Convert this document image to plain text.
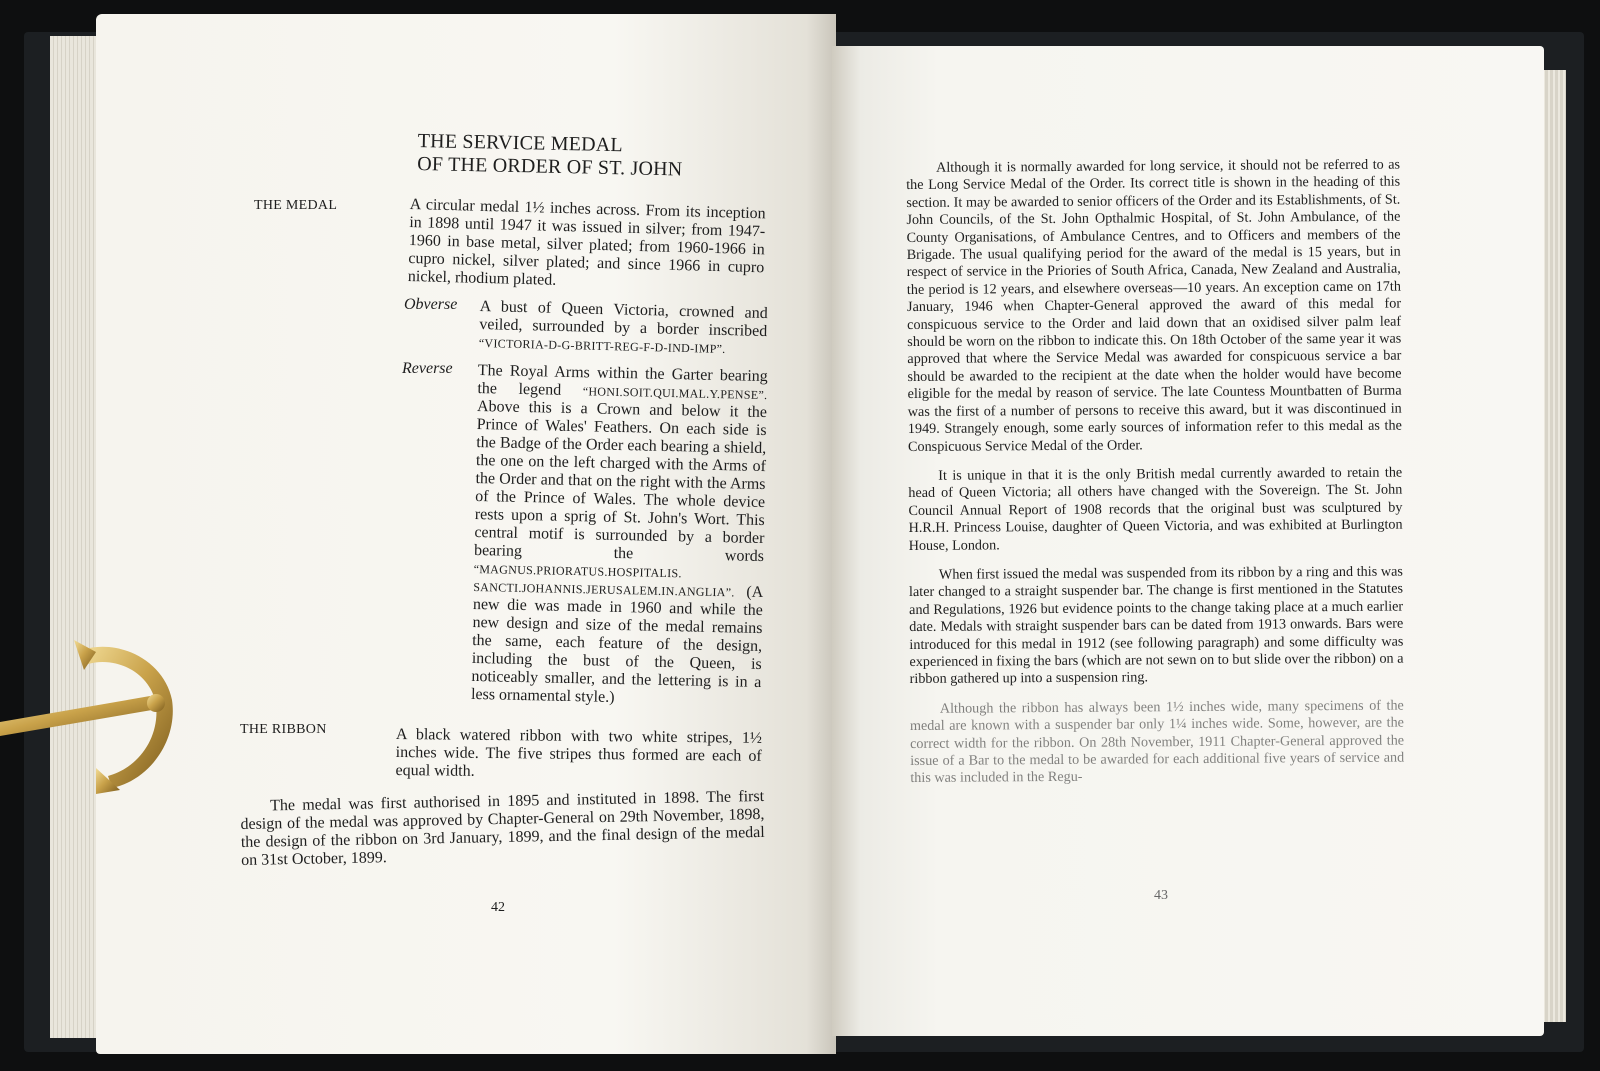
THE SERVICE MEDAL
OF THE ORDER OF ST. JOHN
THE MEDAL	A circular medal 1½ inches across. From its inception in 1898 until 1947 it was issued in silver; from 1947-1960 in base metal, silver plated; from 1960-1966 in cupro nickel, silver plated; and since 1966 in cupro nickel, rhodium plated.
Obverse A bust of Queen Victoria, crowned and veiled, surrounded by a border inscribed “VICTORIA-D-G-BRITT-REG-F-D-IND-IMP”.
Reverse	The Royal Arms within the Garter bearing the legend “HONI.SOIT.QUI.MAL.Y.PENSE”. Above this is a Crown and below it the Prince of Wales' Feathers. On each side is the Badge of the Order each bearing a shield, the one on the left charged with the Arms of the Order and that on the right with the Arms of the Prince of Wales. The whole device rests upon a sprig of St. John's Wort. This central motif is surrounded by a border bearing the words “MAGNUS.PRIORATUS.HOSPITALIS. SANCTI.JOHANNIS.JERUSALEM.IN.ANGLIA”. (A new die was made in 1960 and while the new design and size of the medal remains the same, each feature of the design, including the bust of the Queen, is noticeably smaller, and the lettering is in a less ornamental style.)
THE RIBBON	A black watered ribbon with two white stripes, 1½ inches wide. The five stripes thus formed are each of equal width.

The medal was first authorised in 1895 and instituted in 1898. The first design of the medal was approved by Chapter-General on 29th November, 1898, the design of the ribbon on 3rd January, 1899, and the final design of the medal on 31st October, 1899.

42

Although it is normally awarded for long service, it should not be referred to as the Long Service Medal of the Order. Its correct title is shown in the heading of this section. It may be awarded to senior officers of the Order and its Establishments, of St. John Councils, of the St. John Opthalmic Hospital, of St. John Ambulance, of the County Organisations, of Ambulance Centres, and to Officers and members of the Brigade. The usual qualifying period for the award of the medal is 15 years, but in respect of service in the Priories of South Africa, Canada, New Zealand and Australia, the period is 12 years, and elsewhere overseas—10 years. An exception came on 17th January, 1946 when Chapter-General approved the award of this medal for conspicuous service to the Order and laid down that an oxidised silver palm leaf should be worn on the ribbon to indicate this. On 18th October of the same year it was approved that where the Service Medal was awarded for conspicuous service a bar should be awarded to the recipient at the date when the holder would have become eligible for the medal by reason of service. The late Countess Mountbatten of Burma was the first of a number of persons to receive this award, but it was discontinued in 1949. Strangely enough, some early sources of information refer to this medal as the Conspicuous Service Medal of the Order.

It is unique in that it is the only British medal currently awarded to retain the head of Queen Victoria; all others have changed with the Sovereign. The St. John Council Annual Report of 1908 records that the original bust was sculptured by H.R.H. Princess Louise, daughter of Queen Victoria, and was exhibited at Burlington House, London.

When first issued the medal was suspended from its ribbon by a ring and this was later changed to a straight suspender bar. The change is first mentioned in the Statutes and Regulations, 1926 but evidence points to the change taking place at a much earlier date. Medals with straight suspender bars can be dated from 1913 onwards. Bars were introduced for this medal in 1912 (see following paragraph) and some difficulty was experienced in fixing the bars (which are not sewn on to but slide over the ribbon) on a ribbon gathered up into a suspension ring.

Although the ribbon has always been 1½ inches wide, many specimens of the medal are known with a suspender bar only 1¼ inches wide. Some, however, are the correct width for the ribbon. On 28th November, 1911 Chapter-General approved the issue of a Bar to the medal to be awarded for each additional five years of service and this was included in the Regu-

43
